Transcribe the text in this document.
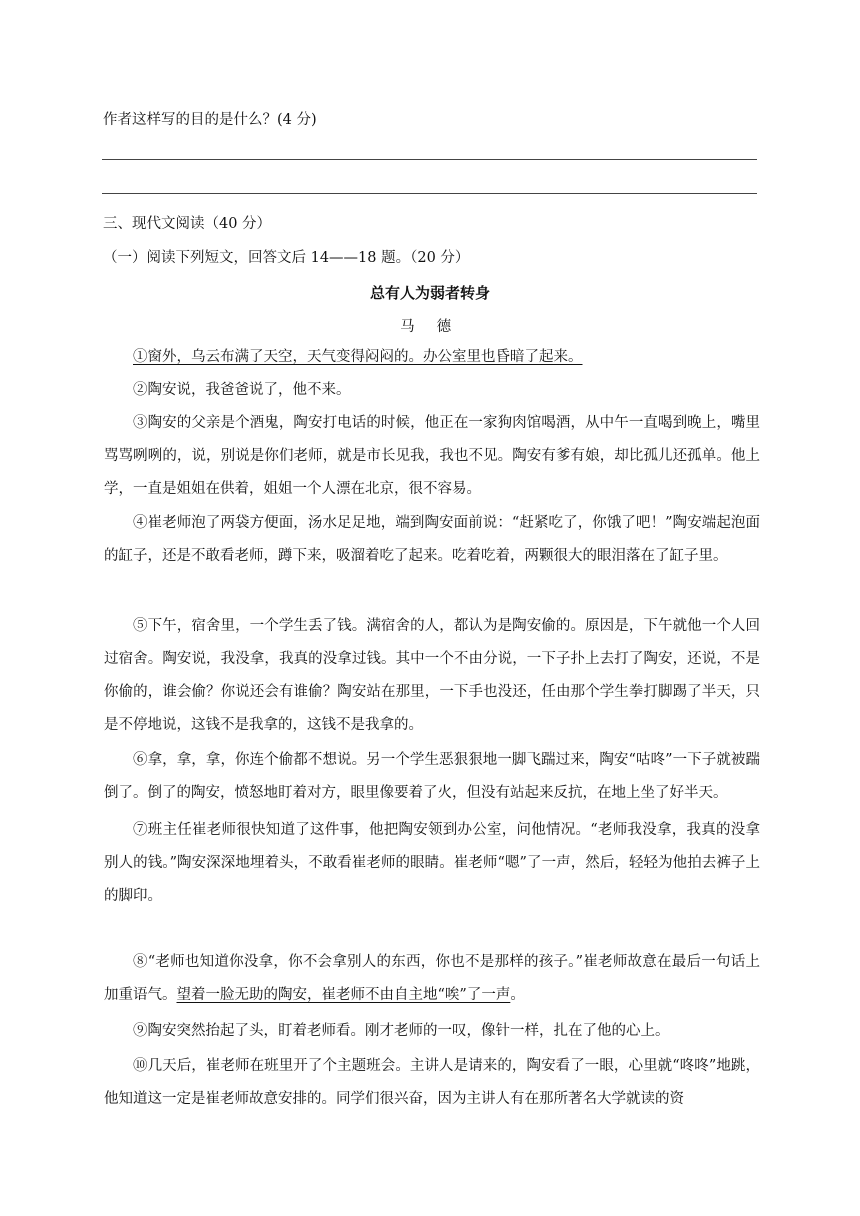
作者这样写的目的是什么？(4 分)
三、现代文阅读（40 分）
（一）阅读下列短文，回答文后 14——18 题。（20 分）
总有人为弱者转身
马 德

①窗外，乌云布满了天空，天气变得闷闷的。办公室里也昏暗了起来。

②陶安说，我爸爸说了，他不来。

③陶安的父亲是个酒鬼，陶安打电话的时候，他正在一家狗肉馆喝酒，从中午一直喝到晚上，嘴里骂骂咧咧的，说，别说是你们老师，就是市长见我，我也不见。陶安有爹有娘，却比孤儿还孤单。他上学，一直是姐姐在供着，姐姐一个人漂在北京，很不容易。

④崔老师泡了两袋方便面，汤水足足地，端到陶安面前说：“赶紧吃了，你饿了吧！”陶安端起泡面的缸子，还是不敢看老师，蹲下来，吸溜着吃了起来。吃着吃着，两颗很大的眼泪落在了缸子里。

⑤下午，宿舍里，一个学生丢了钱。满宿舍的人，都认为是陶安偷的。原因是，下午就他一个人回过宿舍。陶安说，我没拿，我真的没拿过钱。其中一个不由分说，一下子扑上去打了陶安，还说，不是你偷的，谁会偷？你说还会有谁偷？陶安站在那里，一下手也没还，任由那个学生拳打脚踢了半天，只是不停地说，这钱不是我拿的，这钱不是我拿的。

⑥拿，拿，拿，你连个偷都不想说。另一个学生恶狠狠地一脚飞踹过来，陶安“咕咚”一下子就被踹倒了。倒了的陶安，愤怒地盯着对方，眼里像要着了火，但没有站起来反抗，在地上坐了好半天。

⑦班主任崔老师很快知道了这件事，他把陶安领到办公室，问他情况。“老师我没拿，我真的没拿别人的钱。”陶安深深地埋着头，不敢看崔老师的眼睛。崔老师“嗯”了一声，然后，轻轻为他拍去裤子上的脚印。

⑧“老师也知道你没拿，你不会拿别人的东西，你也不是那样的孩子。”崔老师故意在最后一句话上加重语气。望着一脸无助的陶安，崔老师不由自主地“唉”了一声。

⑨陶安突然抬起了头，盯着老师看。刚才老师的一叹，像针一样，扎在了他的心上。

⑩几天后，崔老师在班里开了个主题班会。主讲人是请来的，陶安看了一眼，心里就“咚咚”地跳，他知道这一定是崔老师故意安排的。同学们很兴奋，因为主讲人有在那所著名大学就读的资
